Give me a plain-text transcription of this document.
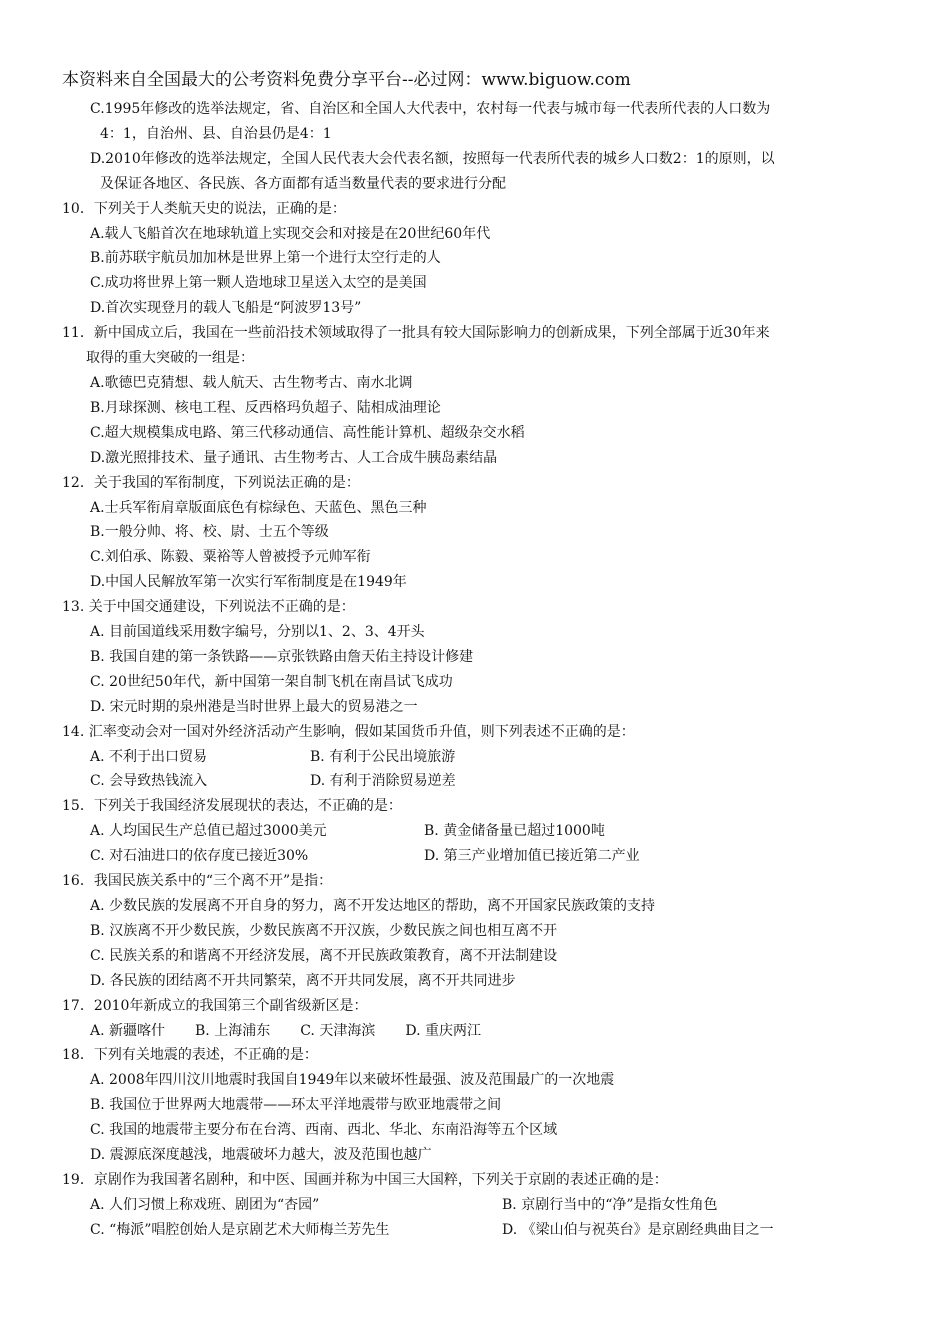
本资料来自全国最大的公考资料免费分享平台--必过网：www.biguow.com
C.1995年修改的选举法规定，省、自治区和全国人大代表中，农村每一代表与城市每一代表所代表的人口数为
4：1，自治州、县、自治县仍是4：1
D.2010年修改的选举法规定，全国人民代表大会代表名额，按照每一代表所代表的城乡人口数2：1的原则，以
及保证各地区、各民族、各方面都有适当数量代表的要求进行分配
10．下列关于人类航天史的说法，正确的是：
A.载人飞船首次在地球轨道上实现交会和对接是在20世纪60年代
B.前苏联宇航员加加林是世界上第一个进行太空行走的人
C.成功将世界上第一颗人造地球卫星送入太空的是美国
D.首次实现登月的载人飞船是“阿波罗13号”
11．新中国成立后，我国在一些前沿技术领域取得了一批具有较大国际影响力的创新成果，下列全部属于近30年来
取得的重大突破的一组是：
A.歌德巴克猜想、载人航天、古生物考古、南水北调
B.月球探测、核电工程、反西格玛负超子、陆相成油理论
C.超大规模集成电路、第三代移动通信、高性能计算机、超级杂交水稻
D.激光照排技术、量子通讯、古生物考古、人工合成牛胰岛素结晶
12．关于我国的军衔制度，下列说法正确的是：
A.士兵军衔肩章版面底色有棕绿色、天蓝色、黑色三种
B.一般分帅、将、校、尉、士五个等级
C.刘伯承、陈毅、粟裕等人曾被授予元帅军衔
D.中国人民解放军第一次实行军衔制度是在1949年
13. 关于中国交通建设，下列说法不正确的是：
A. 目前国道线采用数字编号，分别以1、2、3、4开头
B. 我国自建的第一条铁路——京张铁路由詹天佑主持设计修建
C. 20世纪50年代，新中国第一架自制飞机在南昌试飞成功
D. 宋元时期的泉州港是当时世界上最大的贸易港之一
14. 汇率变动会对一国对外经济活动产生影响，假如某国货币升值，则下列表述不正确的是：
A. 不利于出口贸易	B. 有利于公民出境旅游
C. 会导致热钱流入	D. 有利于消除贸易逆差
15．下列关于我国经济发展现状的表达，不正确的是：
A. 人均国民生产总值已超过3000美元	B. 黄金储备量已超过1000吨
C. 对石油进口的依存度已接近30%	D. 第三产业增加值已接近第二产业
16．我国民族关系中的“三个离不开”是指：
A. 少数民族的发展离不开自身的努力，离不开发达地区的帮助，离不开国家民族政策的支持
B. 汉族离不开少数民族，少数民族离不开汉族，少数民族之间也相互离不开
C. 民族关系的和谐离不开经济发展，离不开民族政策教育，离不开法制建设
D. 各民族的团结离不开共同繁荣，离不开共同发展，离不开共同进步
17．2010年新成立的我国第三个副省级新区是：
A. 新疆喀什 B. 上海浦东 C. 天津海滨 D. 重庆两江
18．下列有关地震的表述，不正确的是：
A. 2008年四川汶川地震时我国自1949年以来破坏性最强、波及范围最广的一次地震
B. 我国位于世界两大地震带——环太平洋地震带与欧亚地震带之间
C. 我国的地震带主要分布在台湾、西南、西北、华北、东南沿海等五个区域
D. 震源底深度越浅，地震破坏力越大，波及范围也越广
19．京剧作为我国著名剧种，和中医、国画并称为中国三大国粹，下列关于京剧的表述正确的是：
A. 人们习惯上称戏班、剧团为“杏园”	B. 京剧行当中的“净”是指女性角色
C. “梅派”唱腔创始人是京剧艺术大师梅兰芳先生	D. 《梁山伯与祝英台》是京剧经典曲目之一
